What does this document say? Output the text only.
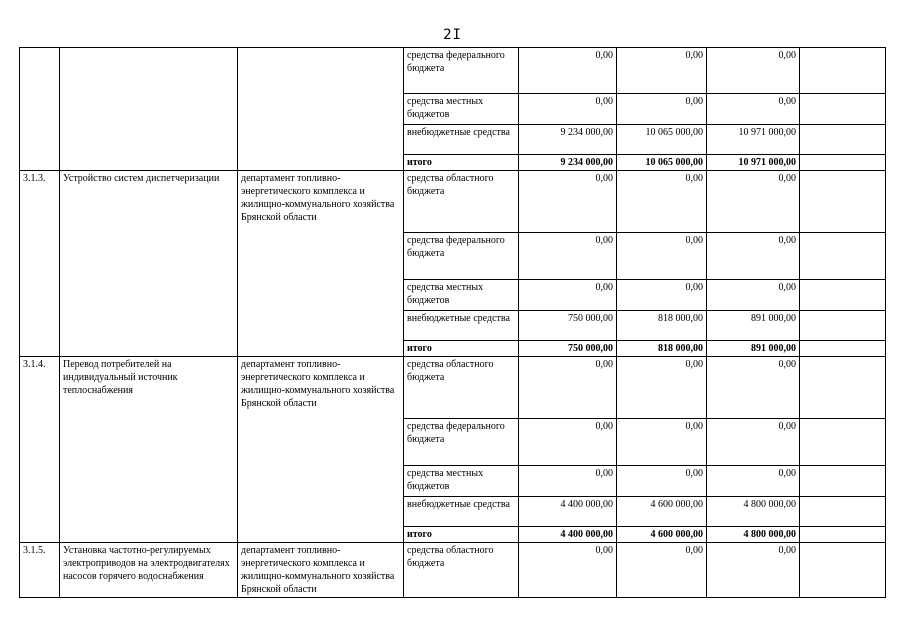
2I
			средства федерального бюджета	0,00	0,00	0,00	
			средства местных бюджетов	0,00	0,00	0,00	
			внебюджетные средства	9 234 000,00	10 065 000,00	10 971 000,00	
			итого	9 234 000,00	10 065 000,00	10 971 000,00	
3.1.3.	Устройство систем диспетчеризации	департамент топливно-энергетического комплекса и жилищно-коммунального хозяйства Брянской области	средства областного бюджета	0,00	0,00	0,00	
			средства федерального бюджета	0,00	0,00	0,00	
			средства местных бюджетов	0,00	0,00	0,00	
			внебюджетные средства	750 000,00	818 000,00	891 000,00	
			итого	750 000,00	818 000,00	891 000,00	
3.1.4.	Перевод потребителей на индивидуальный источник теплоснабжения	департамент топливно-энергетического комплекса и жилищно-коммунального хозяйства Брянской области	средства областного бюджета	0,00	0,00	0,00	
			средства федерального бюджета	0,00	0,00	0,00	
			средства местных бюджетов	0,00	0,00	0,00	
			внебюджетные средства	4 400 000,00	4 600 000,00	4 800 000,00	
			итого	4 400 000,00	4 600 000,00	4 800 000,00	
3.1.5.	Установка частотно-регулируемых электроприводов на электродвигателях насосов горячего водоснабжения	департамент топливно-энергетического комплекса и жилищно-коммунального хозяйства Брянской области	средства областного бюджета	0,00	0,00	0,00	
